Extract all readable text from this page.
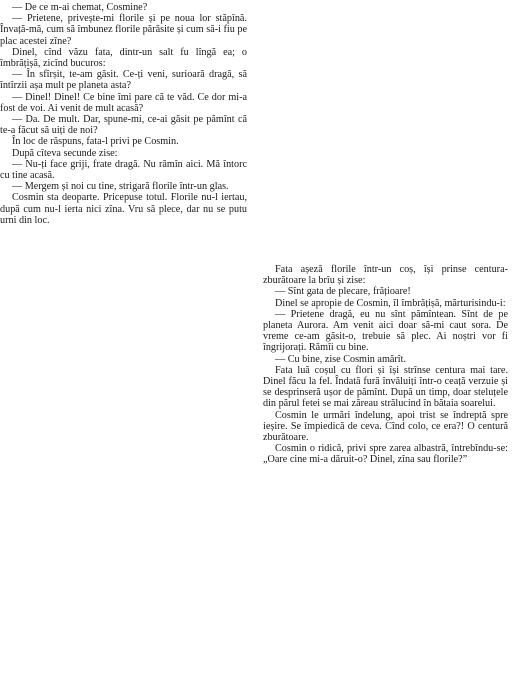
— De ce m-ai chemat, Cosmine?

— Prietene, privește-mi florile și pe noua lor stăpînă. Învață-mă, cum să îmbunez florile părăsite și cum să-i fiu pe plac acestei zîne?

Dinel, cînd văzu fata, dintr-un salt fu lîngă ea; o îmbrățișă, zicînd bucuros:

— În sfîrșit, te-am găsit. Ce-ți veni, surioară dragă, să întîrzii așa mult pe planeta asta?

— Dinel! Dinel! Ce bine îmi pare că te văd. Ce dor mi-a fost de voi. Ai venit de mult acasă?

— Da. De mult. Dar, spune-mi, ce-ai găsit pe pămînt că te-a făcut să uiți de noi?

În loc de răspuns, fata-l privi pe Cosmin.

După cîteva secunde zise:

— Nu-ți face griji, frate dragă. Nu rămîn aici. Mă întorc cu tine acasă.

— Mergem și noi cu tine, strigară florile într-un glas.

Cosmin sta deoparte. Pricepuse totul. Florile nu-l iertau, după cum nu-l ierta nici zîna. Vru să plece, dar nu se putu urni din loc.

Fata așeză florile într-un coș, își prinse centura-zburătoare la brîu și zise:

— Sînt gata de plecare, frățioare!

Dinel se apropie de Cosmin, îl îmbrățișă, mărturisindu-i:

— Prietene dragă, eu nu sînt pămîntean. Sînt de pe planeta Aurora. Am venit aici doar să-mi caut sora. De vreme ce-am găsit-o, trebuie să plec. Ai noștri vor fi îngrijorați. Rămîi cu bine.

— Cu bine, zise Cosmin amărît.

Fata luă coșul cu flori și își strînse centura mai tare. Dinel făcu la fel. Îndată fură învăluiți într-o ceață verzuie și se desprinseră ușor de pămînt. După un timp, doar steluțele din părul fetei se mai zăreau strălucind în bătaia soarelui.

Cosmin le urmări îndelung, apoi trist se îndreptă spre ieșire. Se împiedică de ceva. Cînd colo, ce era?! O centură zburătoare.

Cosmin o ridică, privi spre zarea albastră, întrebîndu-se: „Oare cine mi-a dăruit-o? Dinel, zîna sau florile?”
